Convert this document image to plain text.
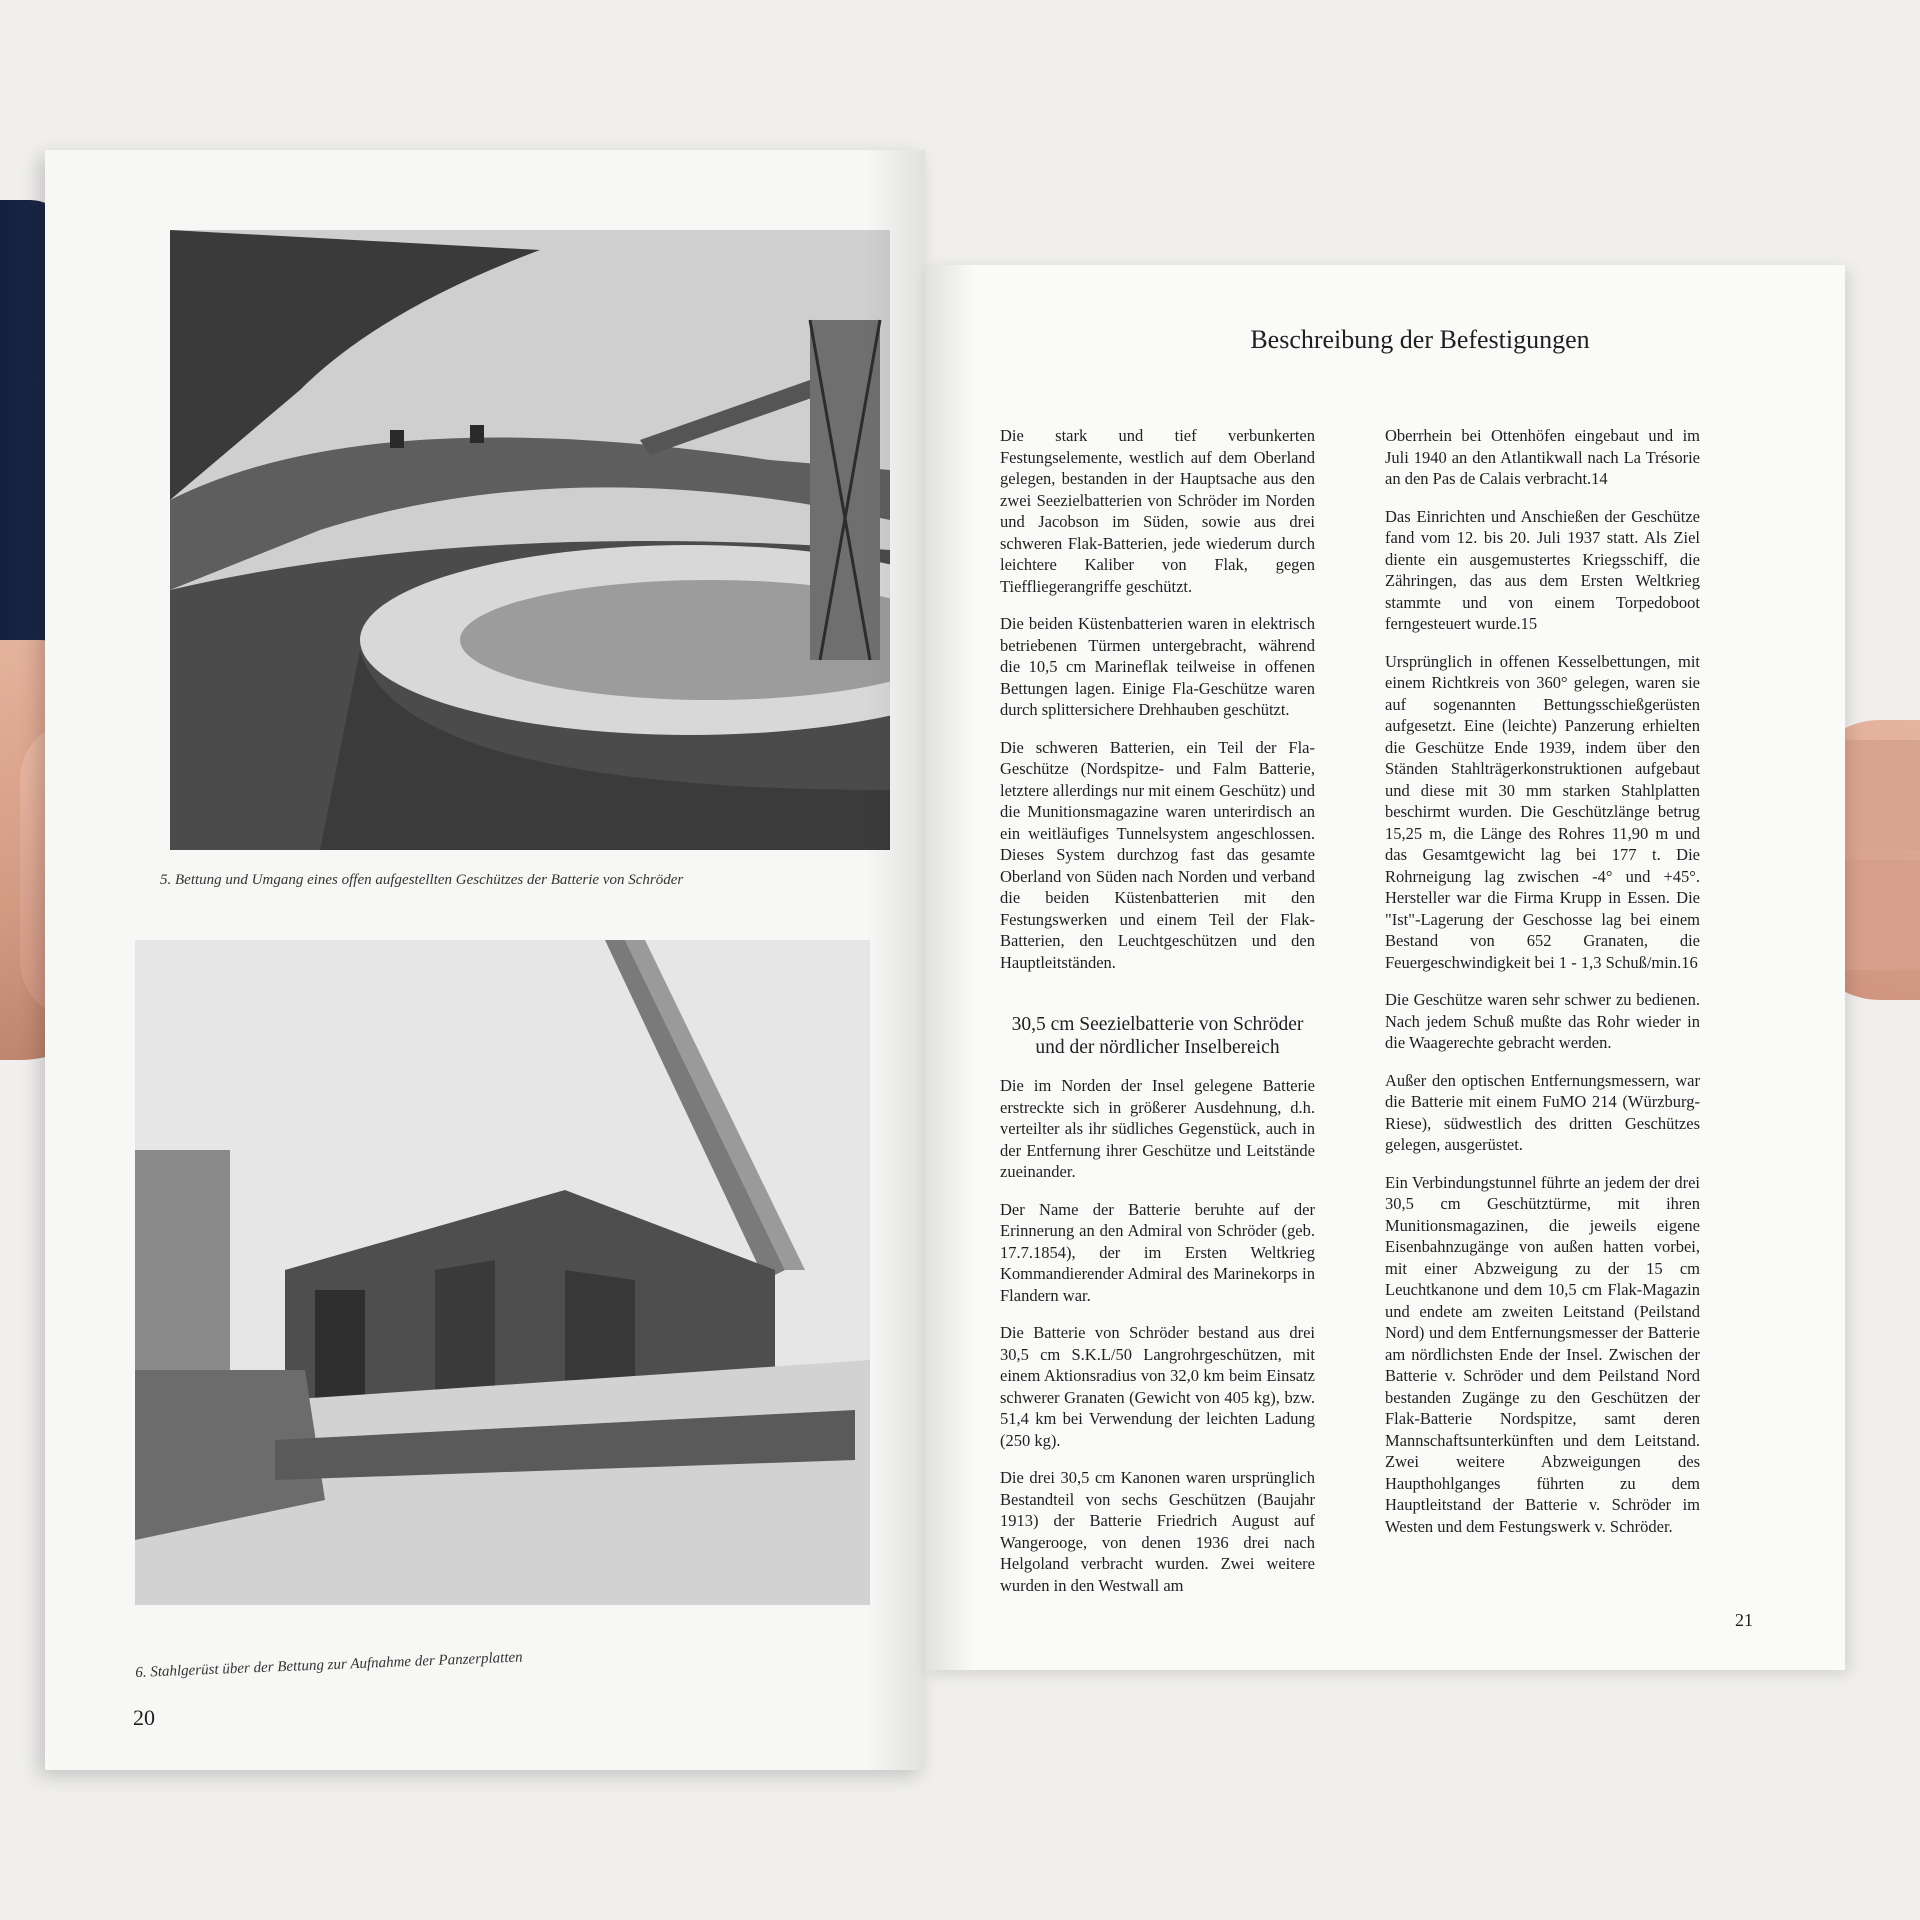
5. Bettung und Umgang eines offen aufgestellten Geschützes der Batterie von Schröder
6. Stahlgerüst über der Bettung zur Aufnahme der Panzerplatten
20
Beschreibung der Befestigungen

Die stark und tief verbunkerten Festungselemente, westlich auf dem Oberland gelegen, bestanden in der Hauptsache aus den zwei Seezielbatterien von Schröder im Norden und Jacobson im Süden, sowie aus drei schweren Flak-Batterien, jede wiederum durch leichtere Kaliber von Flak, gegen Tieffliegerangriffe geschützt.

Die beiden Küstenbatterien waren in elektrisch betriebenen Türmen untergebracht, während die 10,5 cm Marineflak teilweise in offenen Bettungen lagen. Einige Fla-Geschütze waren durch splittersichere Drehhauben geschützt.

Die schweren Batterien, ein Teil der Fla-Geschütze (Nordspitze- und Falm Batterie, letztere allerdings nur mit einem Geschütz) und die Munitionsmagazine waren unterirdisch an ein weitläufiges Tunnelsystem angeschlossen. Dieses System durchzog fast das gesamte Oberland von Süden nach Norden und verband die beiden Küstenbatterien mit den Festungswerken und einem Teil der Flak-Batterien, den Leuchtgeschützen und den Hauptleitständen.

30,5 cm Seezielbatterie von Schröder und der nördlicher Inselbereich

Die im Norden der Insel gelegene Batterie erstreckte sich in größerer Ausdehnung, d.h. verteilter als ihr südliches Gegenstück, auch in der Entfernung ihrer Geschütze und Leitstände zueinander.

Der Name der Batterie beruhte auf der Erinnerung an den Admiral von Schröder (geb. 17.7.1854), der im Ersten Weltkrieg Kommandierender Admiral des Marinekorps in Flandern war.

Die Batterie von Schröder bestand aus drei 30,5 cm S.K.L/50 Langrohrgeschützen, mit einem Aktionsradius von 32,0 km beim Einsatz schwerer Granaten (Gewicht von 405 kg), bzw. 51,4 km bei Verwendung der leichten Ladung (250 kg).

Die drei 30,5 cm Kanonen waren ursprünglich Bestandteil von sechs Geschützen (Baujahr 1913) der Batterie Friedrich August auf Wangerooge, von denen 1936 drei nach Helgoland verbracht wurden. Zwei weitere wurden in den Westwall am

Oberrhein bei Ottenhöfen eingebaut und im Juli 1940 an den Atlantikwall nach La Trésorie an den Pas de Calais verbracht.14

Das Einrichten und Anschießen der Geschütze fand vom 12. bis 20. Juli 1937 statt. Als Ziel diente ein ausgemustertes Kriegsschiff, die Zähringen, das aus dem Ersten Weltkrieg stammte und von einem Torpedoboot ferngesteuert wurde.15

Ursprünglich in offenen Kesselbettungen, mit einem Richtkreis von 360° gelegen, waren sie auf sogenannten Bettungsschießgerüsten aufgesetzt. Eine (leichte) Panzerung erhielten die Geschütze Ende 1939, indem über den Ständen Stahlträgerkonstruktionen aufgebaut und diese mit 30 mm starken Stahlplatten beschirmt wurden. Die Geschützlänge betrug 15,25 m, die Länge des Rohres 11,90 m und das Gesamtgewicht lag bei 177 t. Die Rohrneigung lag zwischen -4° und +45°. Hersteller war die Firma Krupp in Essen. Die "Ist"-Lagerung der Geschosse lag bei einem Bestand von 652 Granaten, die Feuergeschwindigkeit bei 1 - 1,3 Schuß/min.16

Die Geschütze waren sehr schwer zu bedienen. Nach jedem Schuß mußte das Rohr wieder in die Waagerechte gebracht werden.

Außer den optischen Entfernungsmessern, war die Batterie mit einem FuMO 214 (Würzburg-Riese), südwestlich des dritten Geschützes gelegen, ausgerüstet.

Ein Verbindungstunnel führte an jedem der drei 30,5 cm Geschütztürme, mit ihren Munitionsmagazinen, die jeweils eigene Eisenbahnzugänge von außen hatten vorbei, mit einer Abzweigung zu der 15 cm Leuchtkanone und dem 10,5 cm Flak-Magazin und endete am zweiten Leitstand (Peilstand Nord) und dem Entfernungsmesser der Batterie am nördlichsten Ende der Insel. Zwischen der Batterie v. Schröder und dem Peilstand Nord bestanden Zugänge zu den Geschützen der Flak-Batterie Nordspitze, samt deren Mannschaftsunterkünften und dem Leitstand. Zwei weitere Abzweigungen des Haupthohlganges führten zu dem Hauptleitstand der Batterie v. Schröder im Westen und dem Festungswerk v. Schröder.

21
